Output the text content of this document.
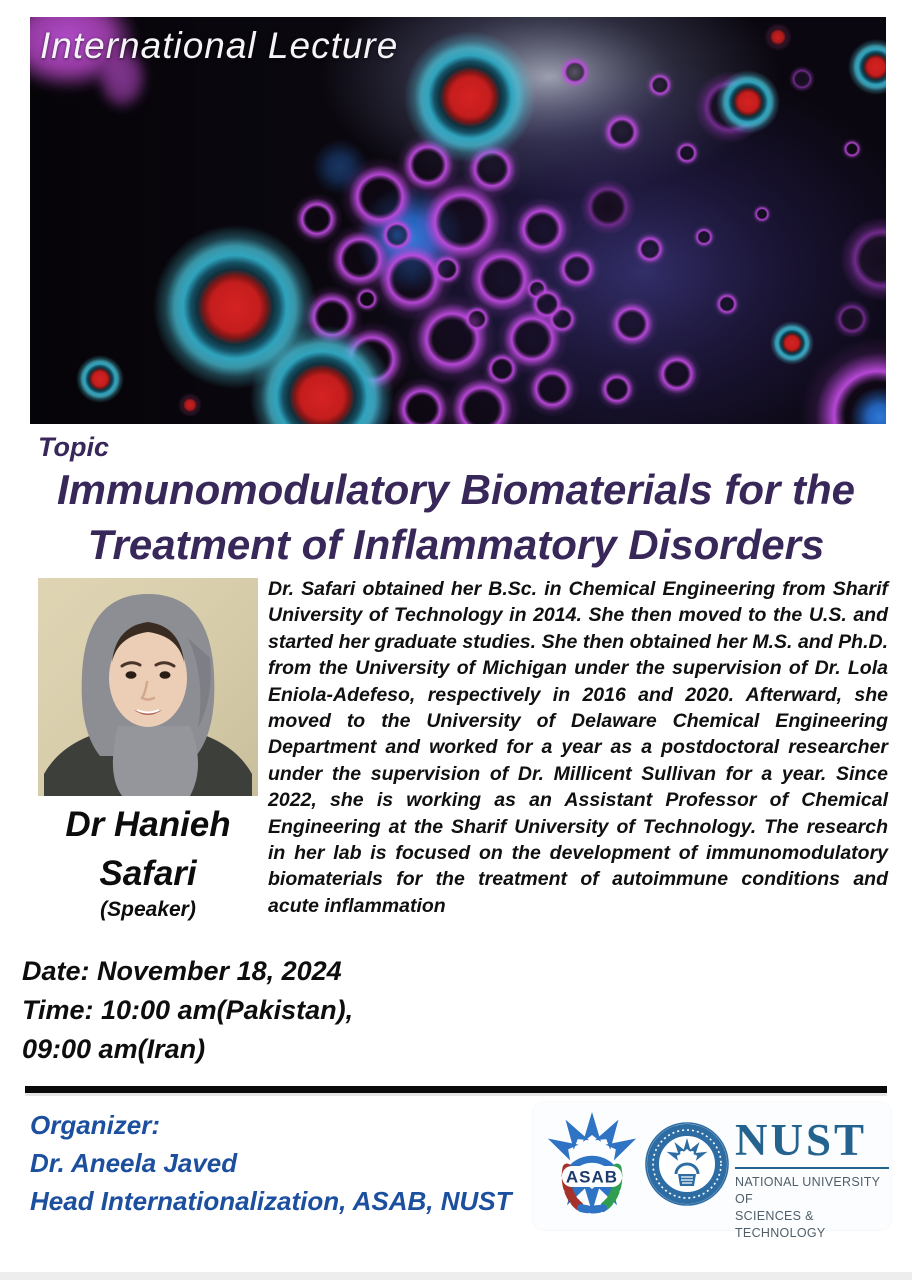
International Lecture
Topic
Immunomodulatory Biomaterials for the
Treatment of Inflammatory Disorders
Dr Hanieh
Safari
(Speaker)

Dr. Safari obtained her B.Sc. in Chemical Engineering from Sharif University of Technology in 2014. She then moved to the U.S. and started her graduate studies. She then obtained her M.S. and Ph.D. from the University of Michigan under the supervision of Dr. Lola Eniola-Adefeso, respectively in 2016 and 2020. Afterward, she moved to the University of Delaware Chemical Engineering Department and worked for a year as a postdoctoral researcher under the supervision of Dr. Millicent Sullivan for a year. Since 2022, she is working as an Assistant Professor of Chemical Engineering at the Sharif University of Technology. The research in her lab is focused on the development of immunomodulatory biomaterials for the treatment of autoimmune conditions and acute inflammation

Date: November 18, 2024
Time: 10:00 am(Pakistan),
09:00 am(Iran)
Organizer:
Dr. Aneela Javed
Head Internationalization, ASAB, NUST
ASAB
NUST
NATIONAL UNIVERSITY OF
SCIENCES & TECHNOLOGY
